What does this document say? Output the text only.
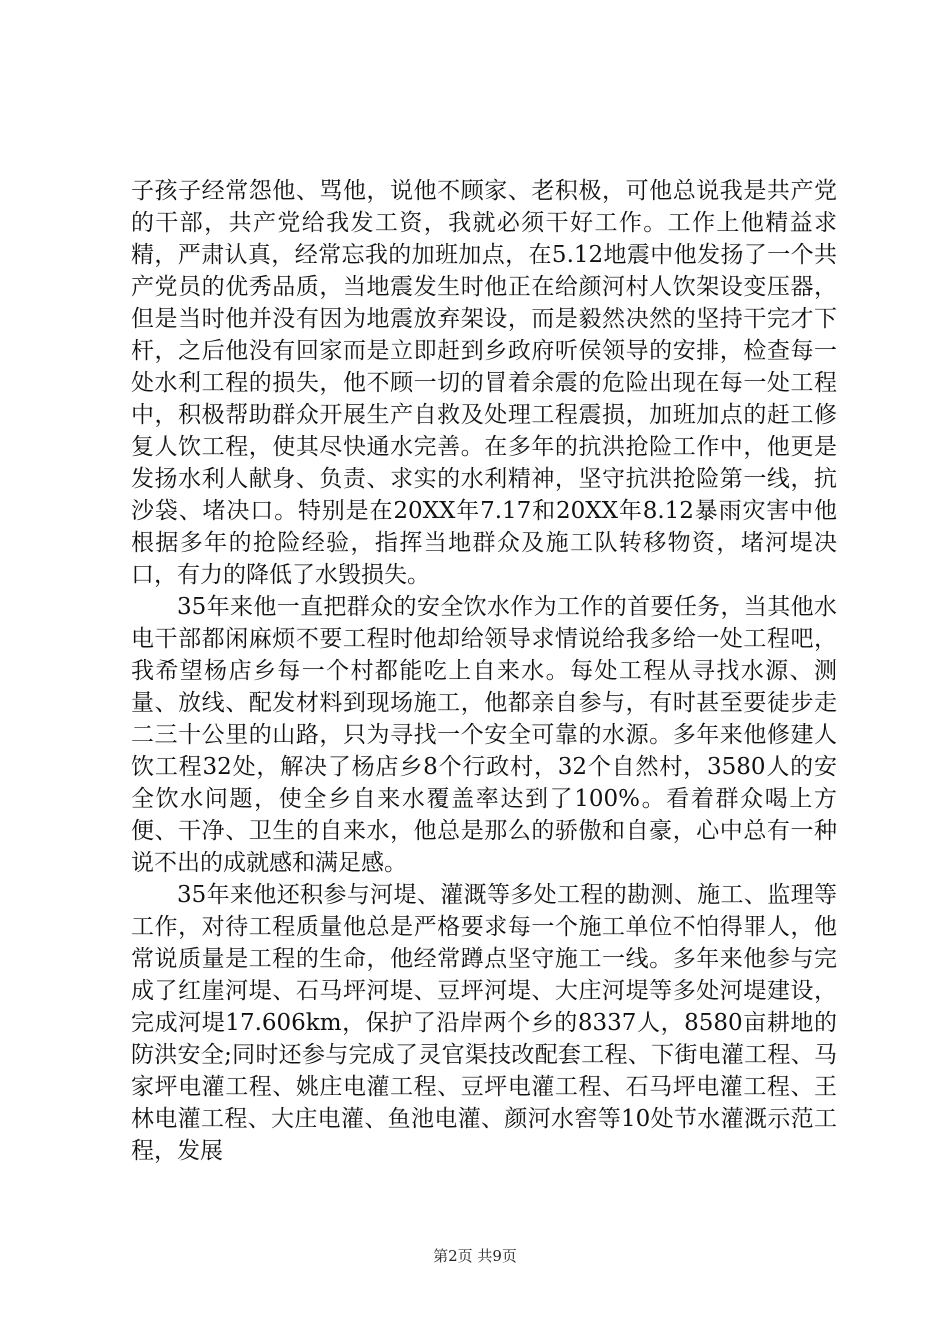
子孩子经常怨他、骂他，说他不顾家、老积极，可他总说我是共产党的干部，共产党给我发工资，我就必须干好工作。工作上他精益求精，严肃认真，经常忘我的加班加点，在5.12地震中他发扬了一个共产党员的优秀品质，当地震发生时他正在给颜河村人饮架设变压器，但是当时他并没有因为地震放弃架设，而是毅然决然的坚持干完才下杆，之后他没有回家而是立即赶到乡政府听侯领导的安排，检查每一处水利工程的损失，他不顾一切的冒着余震的危险出现在每一处工程中，积极帮助群众开展生产自救及处理工程震损，加班加点的赶工修复人饮工程，使其尽快通水完善。在多年的抗洪抢险工作中，他更是发扬水利人献身、负责、求实的水利精神，坚守抗洪抢险第一线，抗沙袋、堵决口。特别是在20XX年7.17和20XX年8.12暴雨灾害中他根据多年的抢险经验，指挥当地群众及施工队转移物资，堵河堤决口，有力的降低了水毁损失。

35年来他一直把群众的安全饮水作为工作的首要任务，当其他水电干部都闲麻烦不要工程时他却给领导求情说给我多给一处工程吧，我希望杨店乡每一个村都能吃上自来水。每处工程从寻找水源、测量、放线、配发材料到现场施工，他都亲自参与，有时甚至要徒步走二三十公里的山路，只为寻找一个安全可靠的水源。多年来他修建人饮工程32处，解决了杨店乡8个行政村，32个自然村，3580人的安全饮水问题，使全乡自来水覆盖率达到了100%。看着群众喝上方便、干净、卫生的自来水，他总是那么的骄傲和自豪，心中总有一种说不出的成就感和满足感。

35年来他还积参与河堤、灌溉等多处工程的勘测、施工、监理等工作，对待工程质量他总是严格要求每一个施工单位不怕得罪人，他常说质量是工程的生命，他经常蹲点坚守施工一线。多年来他参与完成了红崖河堤、石马坪河堤、豆坪河堤、大庄河堤等多处河堤建设，完成河堤17.606km，保护了沿岸两个乡的8337人，8580亩耕地的防洪安全;同时还参与完成了灵官渠技改配套工程、下街电灌工程、马家坪电灌工程、姚庄电灌工程、豆坪电灌工程、石马坪电灌工程、王林电灌工程、大庄电灌、鱼池电灌、颜河水窖等10处节水灌溉示范工程，发展

第2页 共9页
